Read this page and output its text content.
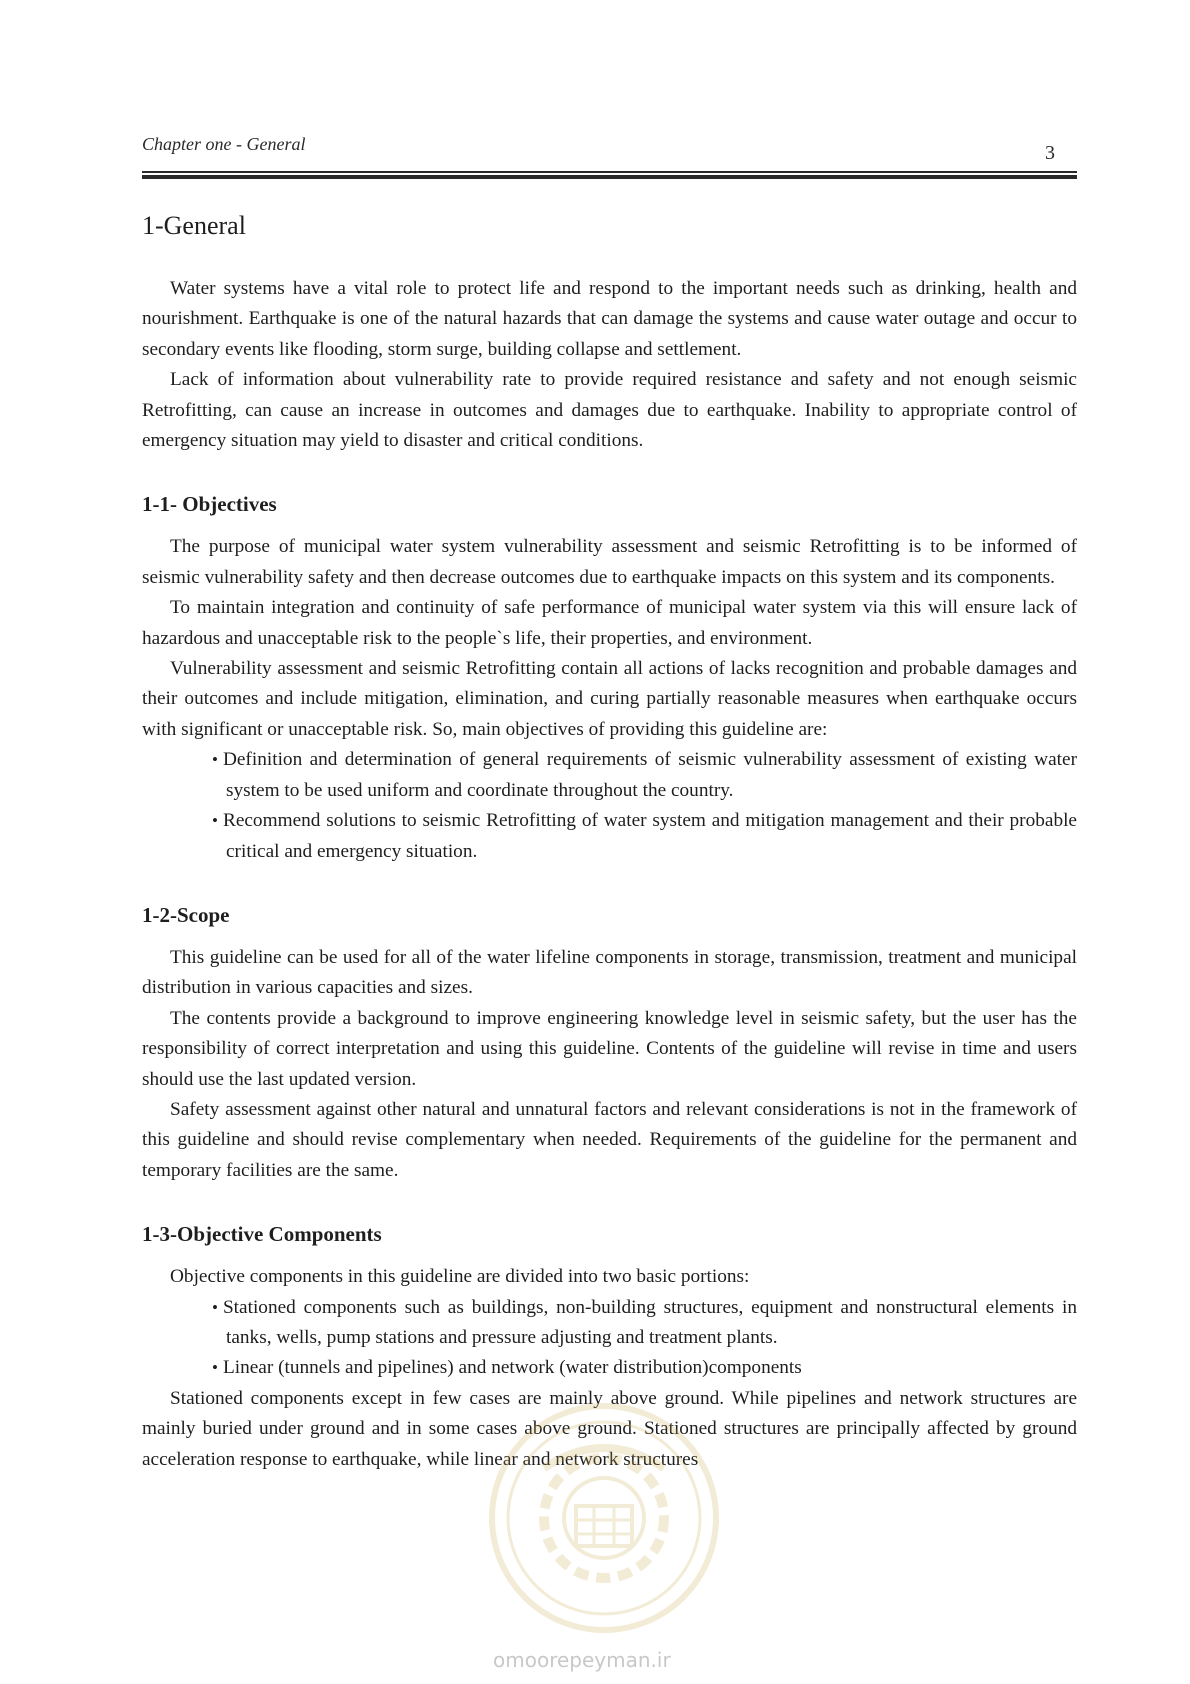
Chapter one - General	3
1-General

Water systems have a vital role to protect life and respond to the important needs such as drinking, health and nourishment. Earthquake is one of the natural hazards that can damage the systems and cause water outage and occur to secondary events like flooding, storm surge, building collapse and settlement.

Lack of information about vulnerability rate to provide required resistance and safety and not enough seismic Retrofitting, can cause an increase in outcomes and damages due to earthquake. Inability to appropriate control of emergency situation may yield to disaster and critical conditions.

1-1- Objectives

The purpose of municipal water system vulnerability assessment and seismic Retrofitting is to be informed of seismic vulnerability safety and then decrease outcomes due to earthquake impacts on this system and its components.

To maintain integration and continuity of safe performance of municipal water system via this will ensure lack of hazardous and unacceptable risk to the people`s life, their properties, and environment.

Vulnerability assessment and seismic Retrofitting contain all actions of lacks recognition and probable damages and their outcomes and include mitigation, elimination, and curing partially reasonable measures when earthquake occurs with significant or unacceptable risk. So, main objectives of providing this guideline are:

• Definition and determination of general requirements of seismic vulnerability assessment of existing water system to be used uniform and coordinate throughout the country.
• Recommend solutions to seismic Retrofitting of water system and mitigation management and their probable critical and emergency situation.
1-2-Scope

This guideline can be used for all of the water lifeline components in storage, transmission, treatment and municipal distribution in various capacities and sizes.

The contents provide a background to improve engineering knowledge level in seismic safety, but the user has the responsibility of correct interpretation and using this guideline. Contents of the guideline will revise in time and users should use the last updated version.

Safety assessment against other natural and unnatural factors and relevant considerations is not in the framework of this guideline and should revise complementary when needed. Requirements of the guideline for the permanent and temporary facilities are the same.

1-3-Objective Components

Objective components in this guideline are divided into two basic portions:

• Stationed components such as buildings, non-building structures, equipment and nonstructural elements in tanks, wells, pump stations and pressure adjusting and treatment plants.
• Linear (tunnels and pipelines) and network (water distribution)components

Stationed components except in few cases are mainly above ground. While pipelines and network structures are mainly buried under ground and in some cases above ground. Stationed structures are principally affected by ground acceleration response to earthquake, while linear and network structures

omoorepeyman.ir
